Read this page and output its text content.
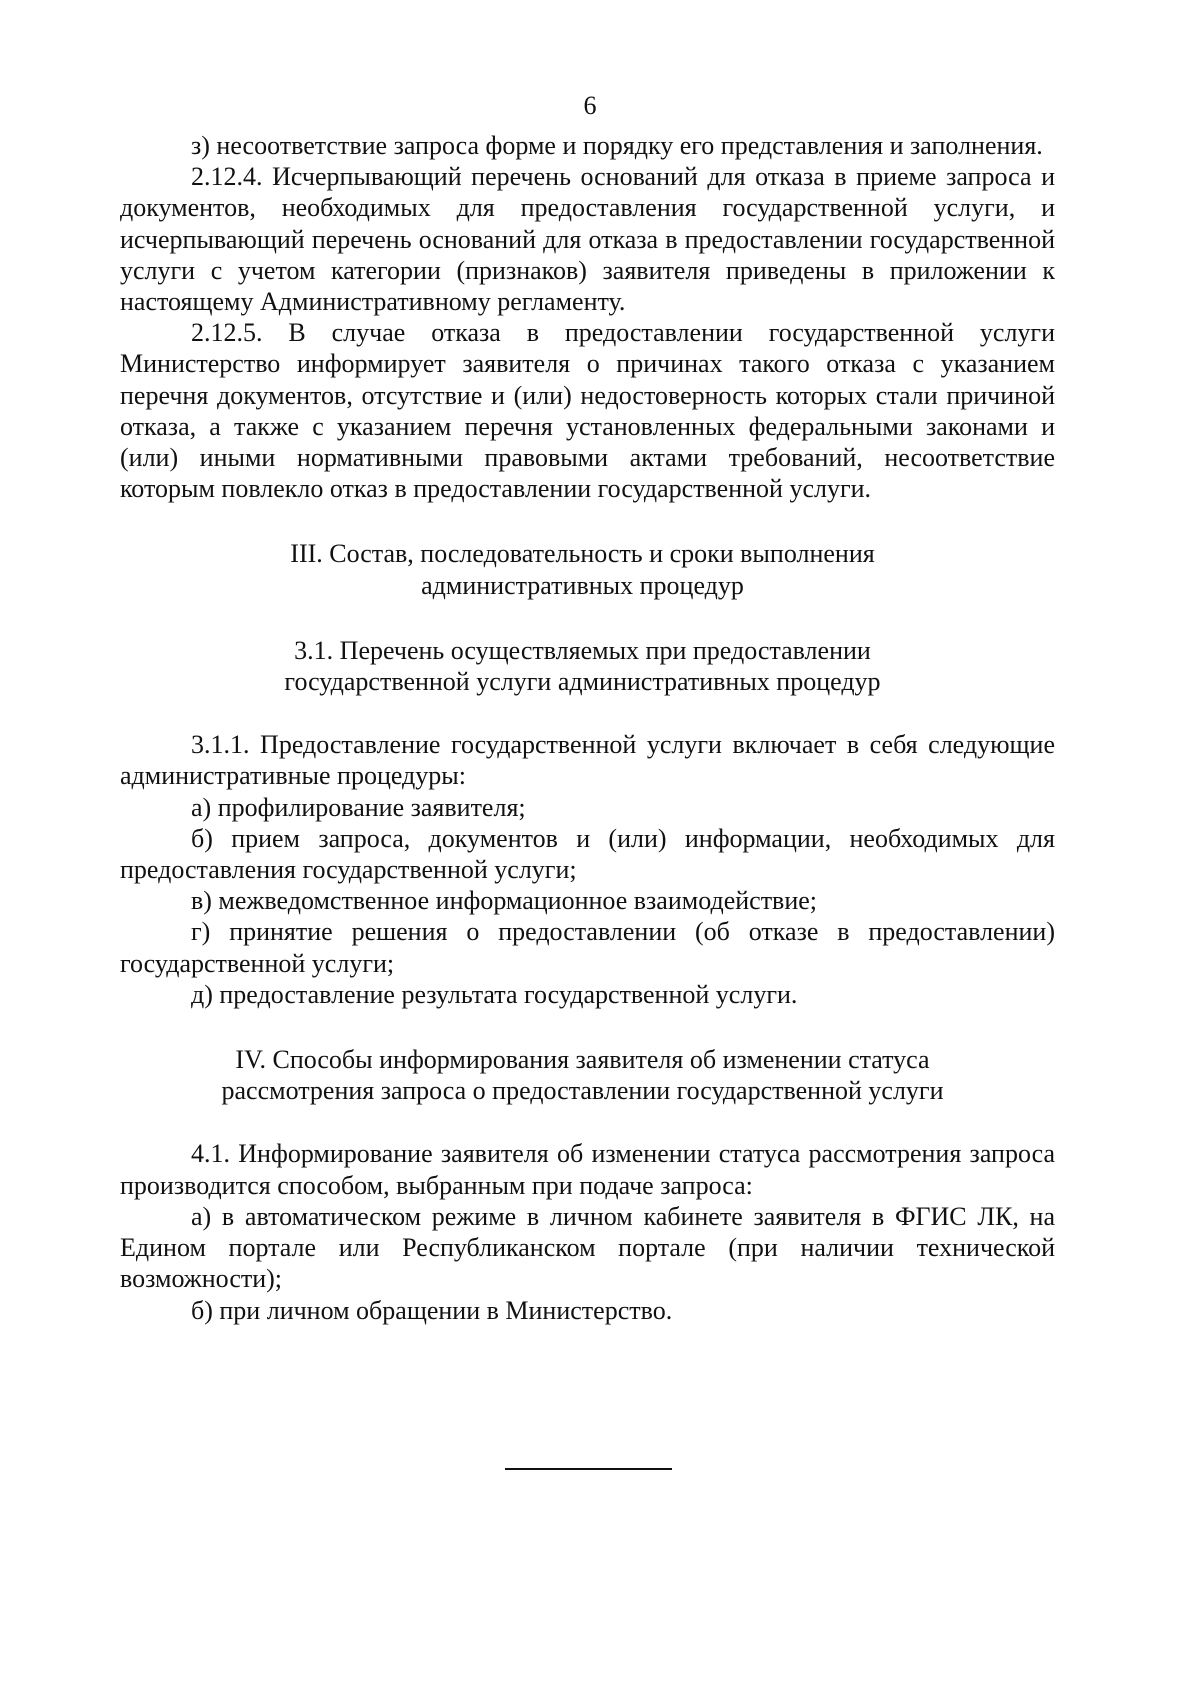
6

з) несоответствие запроса форме и порядку его представления и заполнения.

2.12.4. Исчерпывающий перечень оснований для отказа в приеме запроса и документов, необходимых для предоставления государственной услуги, и исчерпывающий перечень оснований для отказа в предоставлении государственной услуги с учетом категории (признаков) заявителя приведены в приложении к настоящему Административному регламенту.

2.12.5. В случае отказа в предоставлении государственной услуги Министерство информирует заявителя о причинах такого отказа с указанием перечня документов, отсутствие и (или) недостоверность которых стали причиной отказа, а также с указанием перечня установленных федеральными законами и (или) иными нормативными правовыми актами требований, несоответствие которым повлекло отказ в предоставлении государственной услуги.

III. Состав, последовательность и сроки выполнения
административных процедур
3.1. Перечень осуществляемых при предоставлении
государственной услуги административных процедур

3.1.1. Предоставление государственной услуги включает в себя следующие административные процедуры:

а) профилирование заявителя;

б) прием запроса, документов и (или) информации, необходимых для предоставления государственной услуги;

в) межведомственное информационное взаимодействие;

г) принятие решения о предоставлении (об отказе в предоставлении) государственной услуги;

д) предоставление результата государственной услуги.

IV. Способы информирования заявителя об изменении статуса
рассмотрения запроса о предоставлении государственной услуги

4.1. Информирование заявителя об изменении статуса рассмотрения запроса производится способом, выбранным при подаче запроса:

а) в автоматическом режиме в личном кабинете заявителя в ФГИС ЛК, на Едином портале или Республиканском портале (при наличии технической возможности);

б) при личном обращении в Министерство.
